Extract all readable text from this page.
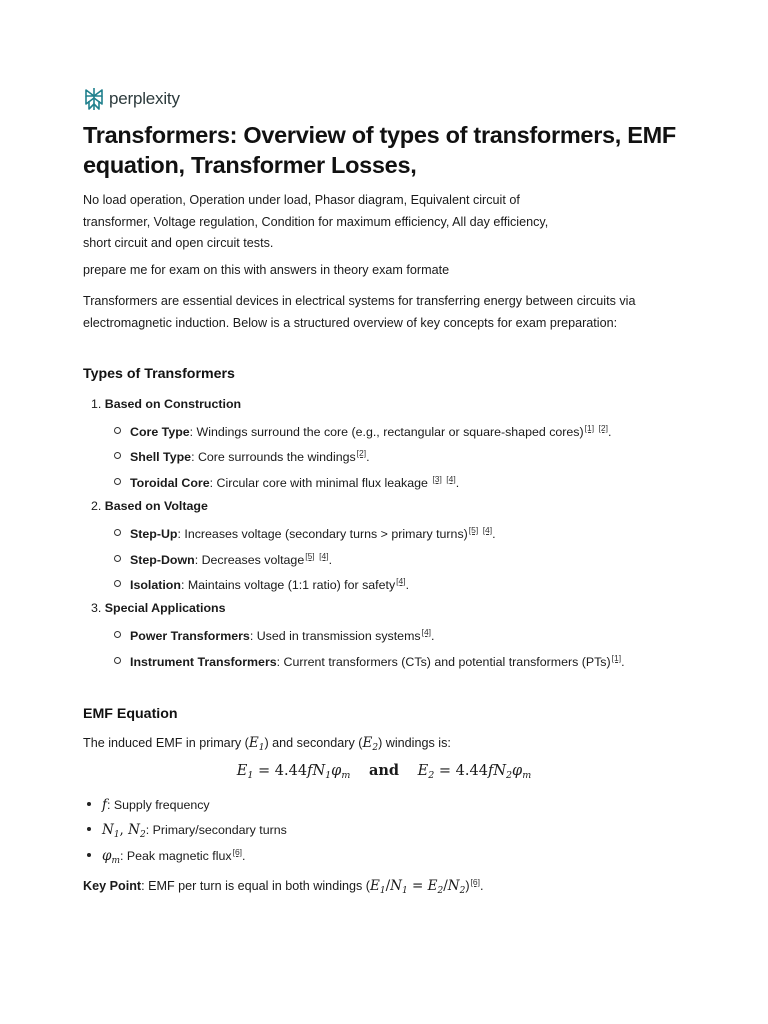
perplexity
Transformers: Overview of types of transformers, EMF equation, Transformer Losses,

No load operation, Operation under load, Phasor diagram, Equivalent circuit of
transformer, Voltage regulation, Condition for maximum efficiency, All day efficiency,
short circuit and open circuit tests.

prepare me for exam on this with answers in theory exam formate

Transformers are essential devices in electrical systems for transferring energy between circuits via
electromagnetic induction. Below is a structured overview of key concepts for exam preparation:

Types of Transformers
1. Based on Construction
Core Type: Windings surround the core (e.g., rectangular or square-shaped cores)[1] [2].
Shell Type: Core surrounds the windings[2].
Toroidal Core: Circular core with minimal flux leakage [3] [4].
2. Based on Voltage
Step-Up: Increases voltage (secondary turns > primary turns)[5] [4].
Step-Down: Decreases voltage[5] [4].
Isolation: Maintains voltage (1:1 ratio) for safety[4].
3. Special Applications
Power Transformers: Used in transmission systems[4].
Instrument Transformers: Current transformers (CTs) and potential transformers (PTs)[1].
EMF Equation

The induced EMF in primary $(E_1)$ and secondary $(E_2)$ windings is:

$E_1 = 4.44fN_1\varphi_m$ and $E_2 = 4.44fN_2\varphi_m$
f: Supply frequency
$N_1$, $N_2$: Primary/secondary turns
$\varphi_m$: Peak magnetic flux[6].

Key Point: EMF per turn is equal in both windings $(E_1/N_1 = E_2/N_2)[6]$.
